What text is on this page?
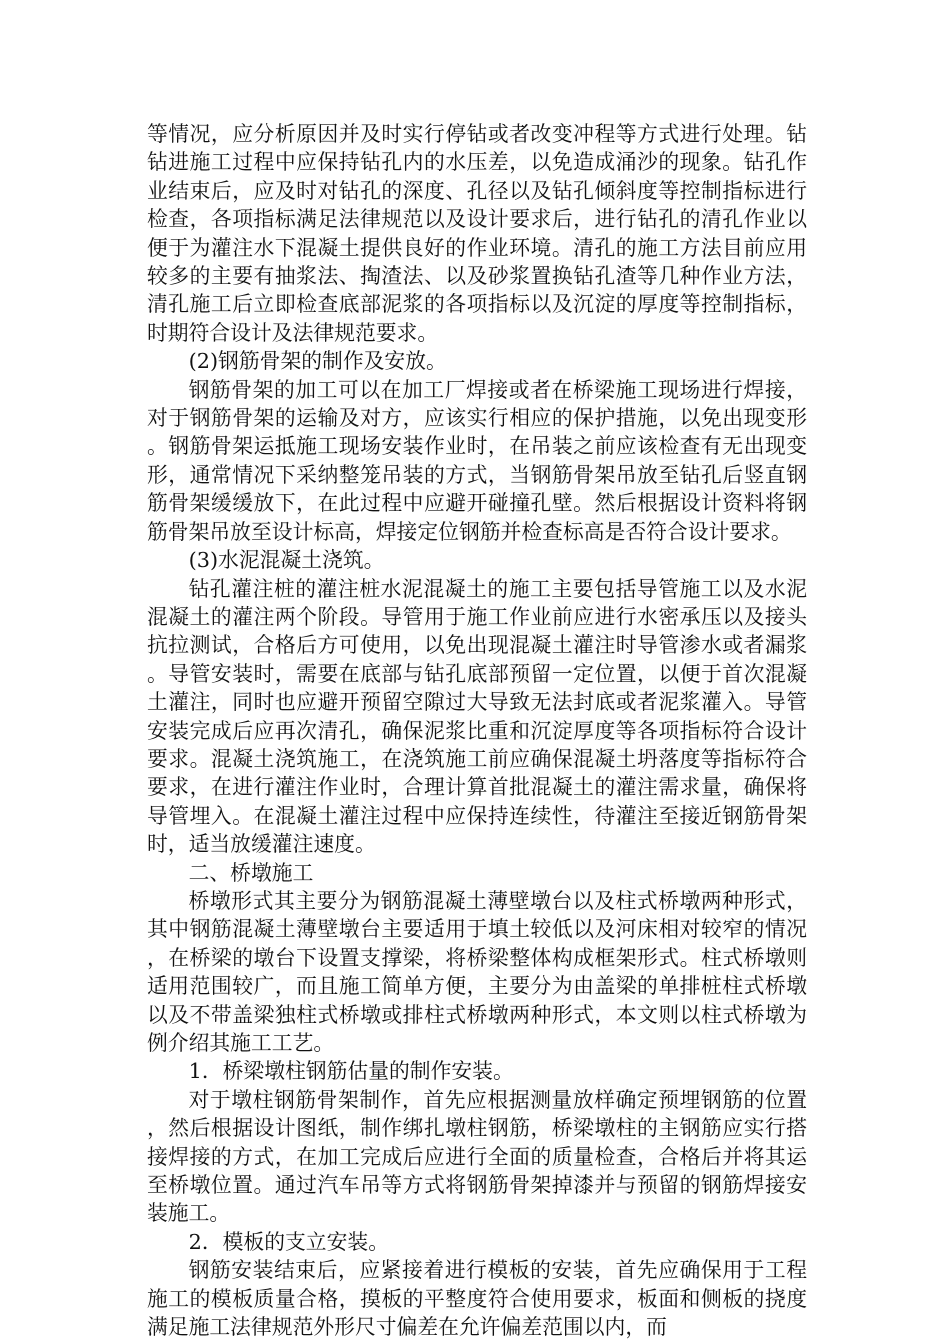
等情况，应分析原因并及时实行停钻或者改变冲程等方式进行处理。钻钻进施工过程中应保持钻孔内的水压差，以免造成涌沙的现象。钻孔作业结束后，应及时对钻孔的深度、孔径以及钻孔倾斜度等控制指标进行检查，各项指标满足法律规范以及设计要求后，进行钻孔的清孔作业以便于为灌注水下混凝土提供良好的作业环境。清孔的施工方法目前应用较多的主要有抽浆法、掏渣法、以及砂浆置换钻孔渣等几种作业方法，清孔施工后立即检查底部泥浆的各项指标以及沉淀的厚度等控制指标，时期符合设计及法律规范要求。

(2)钢筋骨架的制作及安放。

钢筋骨架的加工可以在加工厂焊接或者在桥梁施工现场进行焊接，对于钢筋骨架的运输及对方，应该实行相应的保护措施，以免出现变形。钢筋骨架运抵施工现场安装作业时，在吊装之前应该检查有无出现变形，通常情况下采纳整笼吊装的方式，当钢筋骨架吊放至钻孔后竖直钢筋骨架缓缓放下，在此过程中应避开碰撞孔壁。然后根据设计资料将钢筋骨架吊放至设计标高，焊接定位钢筋并检查标高是否符合设计要求。

(3)水泥混凝土浇筑。

钻孔灌注桩的灌注桩水泥混凝土的施工主要包括导管施工以及水泥混凝土的灌注两个阶段。导管用于施工作业前应进行水密承压以及接头抗拉测试，合格后方可使用，以免出现混凝土灌注时导管渗水或者漏浆。导管安装时，需要在底部与钻孔底部预留一定位置，以便于首次混凝土灌注，同时也应避开预留空隙过大导致无法封底或者泥浆灌入。导管安装完成后应再次清孔，确保泥浆比重和沉淀厚度等各项指标符合设计要求。混凝土浇筑施工，在浇筑施工前应确保混凝土坍落度等指标符合要求，在进行灌注作业时，合理计算首批混凝土的灌注需求量，确保将导管埋入。在混凝土灌注过程中应保持连续性，待灌注至接近钢筋骨架时，适当放缓灌注速度。

二、桥墩施工

桥墩形式其主要分为钢筋混凝土薄壁墩台以及柱式桥墩两种形式，其中钢筋混凝土薄壁墩台主要适用于填土较低以及河床相对较窄的情况，在桥梁的墩台下设置支撑梁，将桥梁整体构成框架形式。柱式桥墩则适用范围较广，而且施工简单方便，主要分为由盖梁的单排桩柱式桥墩以及不带盖梁独柱式桥墩或排柱式桥墩两种形式，本文则以柱式桥墩为例介绍其施工工艺。

1．桥梁墩柱钢筋估量的制作安装。

对于墩柱钢筋骨架制作，首先应根据测量放样确定预埋钢筋的位置，然后根据设计图纸，制作绑扎墩柱钢筋，桥梁墩柱的主钢筋应实行搭接焊接的方式，在加工完成后应进行全面的质量检查，合格后并将其运至桥墩位置。通过汽车吊等方式将钢筋骨架掉漆并与预留的钢筋焊接安装施工。

2．模板的支立安装。

钢筋安装结束后，应紧接着进行模板的安装，首先应确保用于工程施工的模板质量合格，摸板的平整度符合使用要求，板面和侧板的挠度满足施工法律规范外形尺寸偏差在允许偏差范围以内，而
